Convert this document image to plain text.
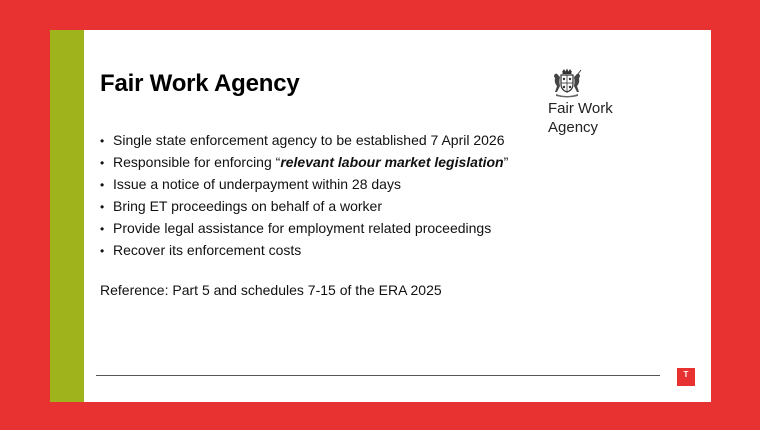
Fair Work Agency
• Single state enforcement agency to be established 7 April 2026
• Responsible for enforcing “relevant labour market legislation”
• Issue a notice of underpayment within 28 days
• Bring ET proceedings on behalf of a worker
• Provide legal assistance for employment related proceedings
• Recover its enforcement costs

Reference: Part 5 and schedules 7-15 of the ERA 2025

Fair Work
Agency
T
